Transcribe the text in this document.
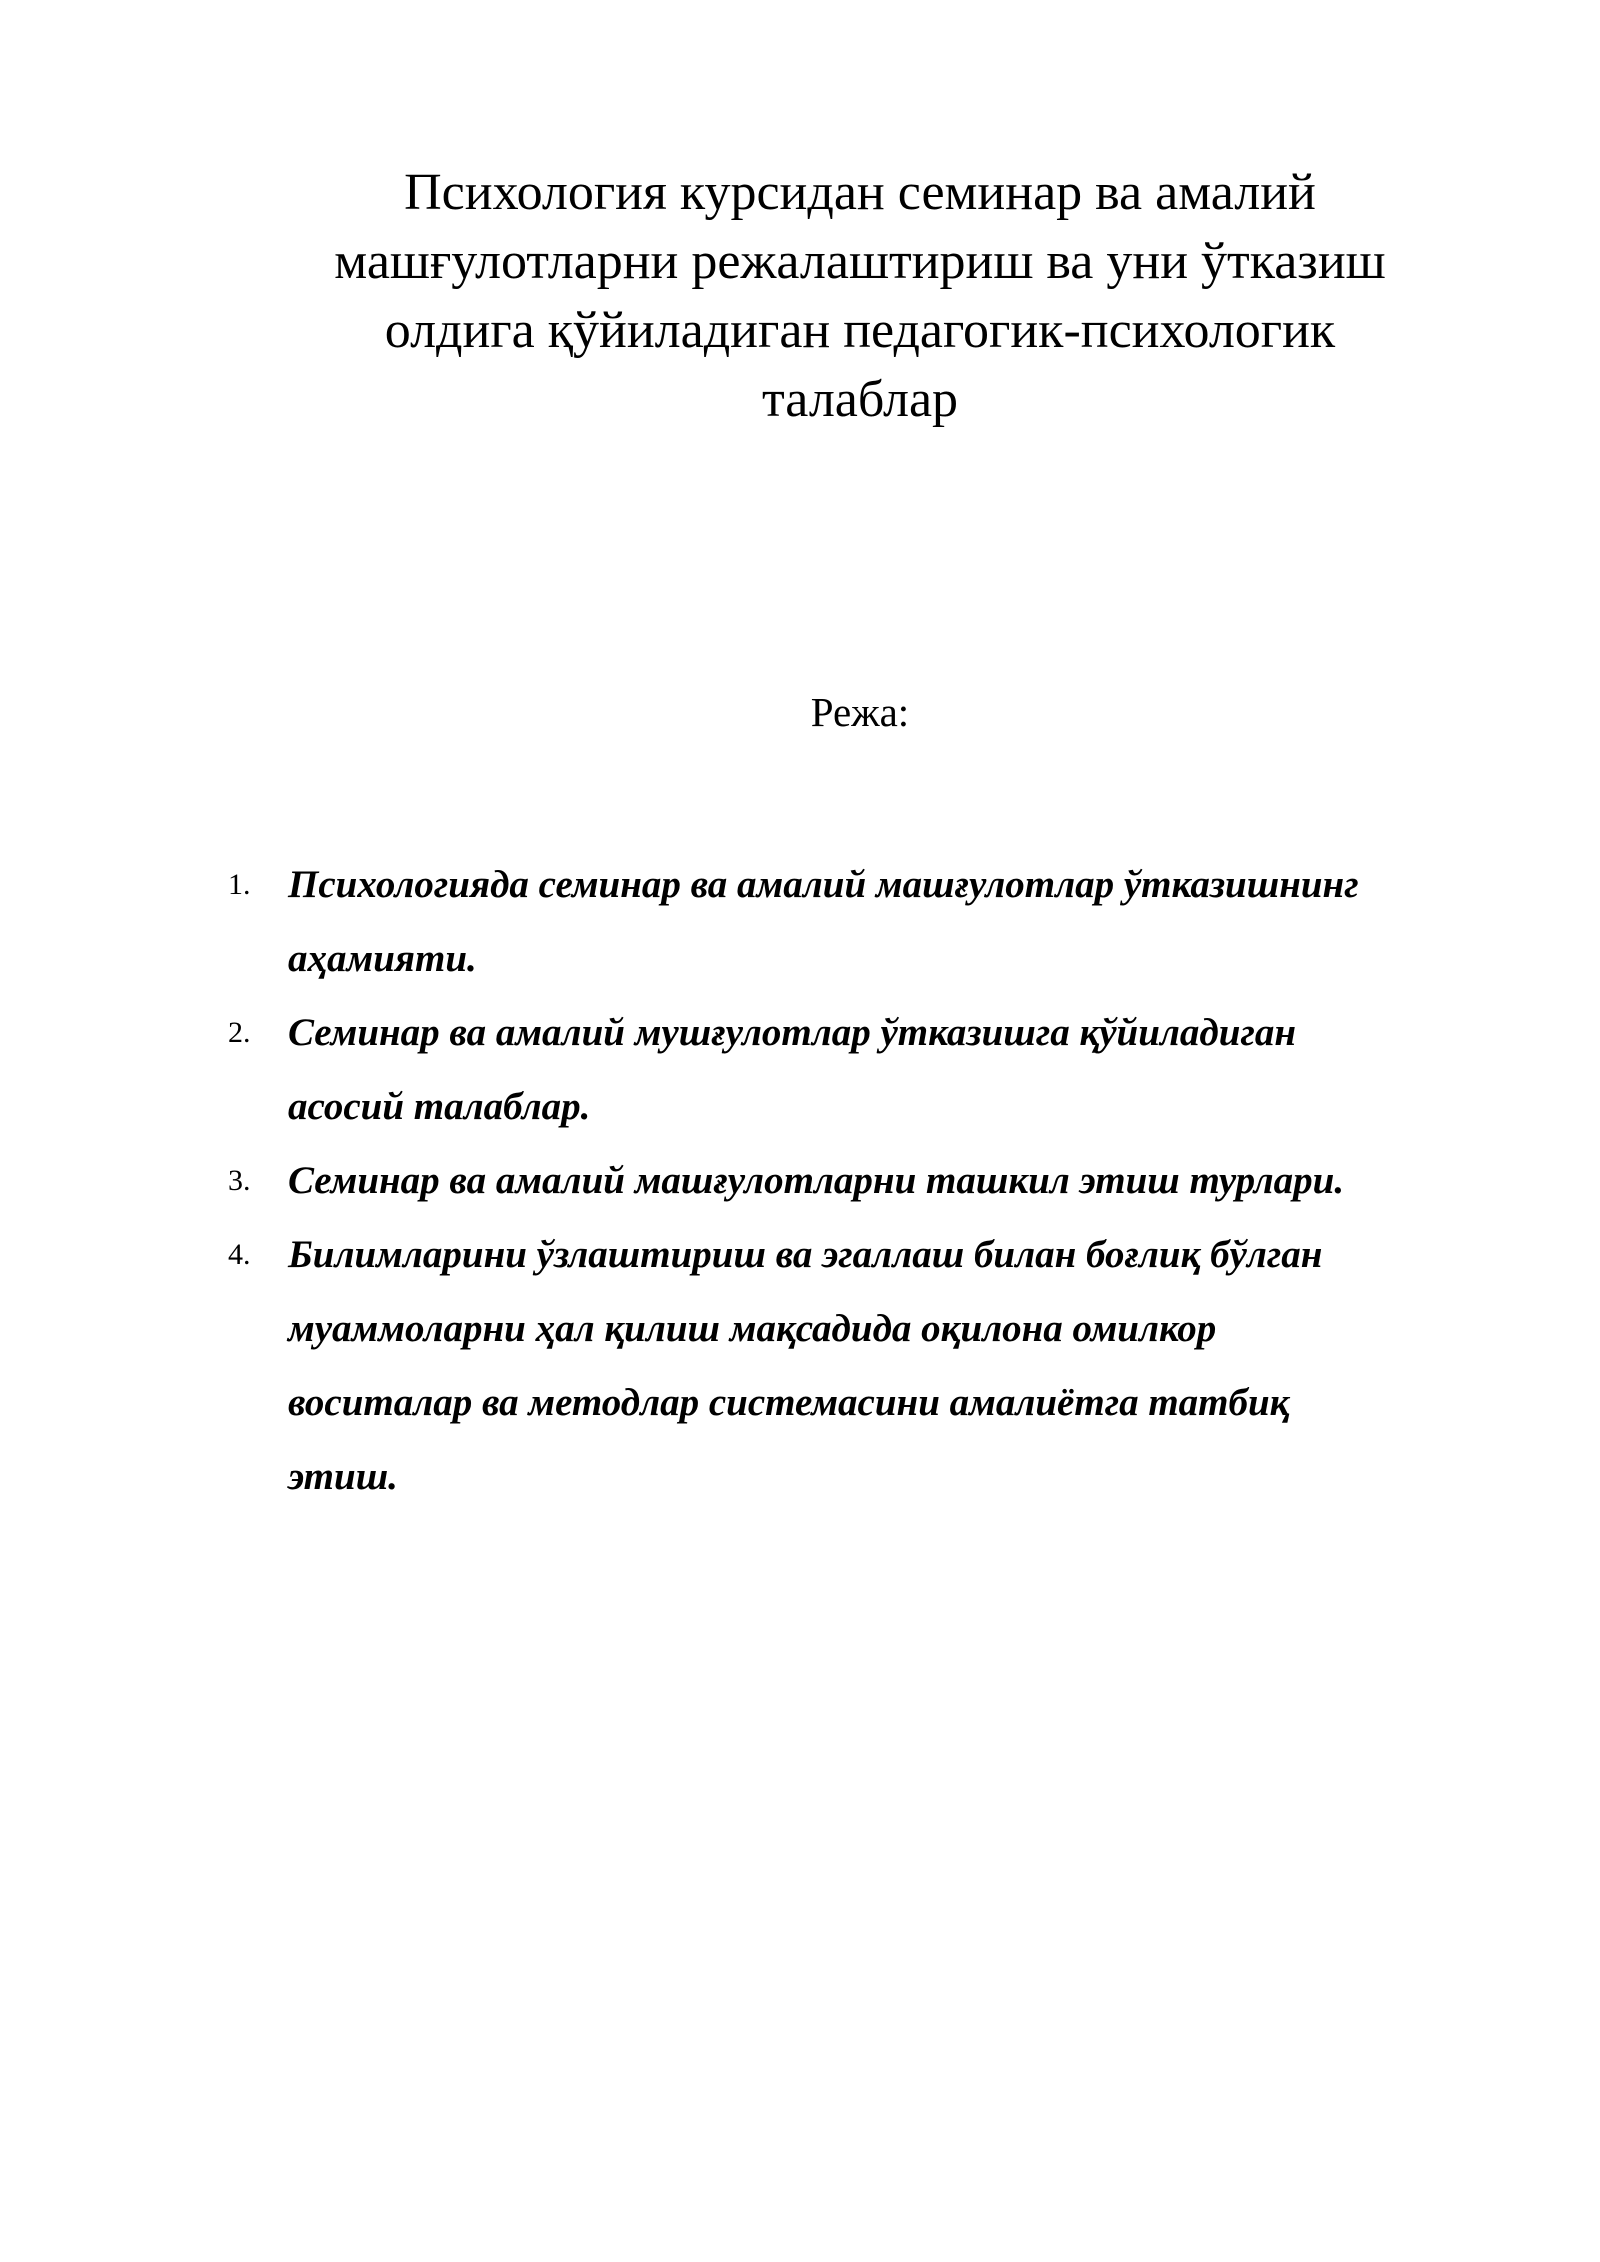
Психология курсидан семинар ва амалий
машғулотларни режалаштириш ва уни ўтказиш
олдига қўйиладиган педагогик-психологик
талаблар
Режа:
1. Психологияда семинар ва амалий машғулотлар ўтказишнинг
аҳамияти.
2. Семинар ва амалий мушғулотлар ўтказишга қўйиладиган
асосий талаблар.
3. Семинар ва амалий машғулотларни ташкил этиш турлари.
4. Билимларини ўзлаштириш ва эгаллаш билан боғлиқ бўлган
муаммоларни ҳал қилиш мақсадида оқилона омилкор
воситалар ва методлар системасини амалиётга татбиқ
этиш.
